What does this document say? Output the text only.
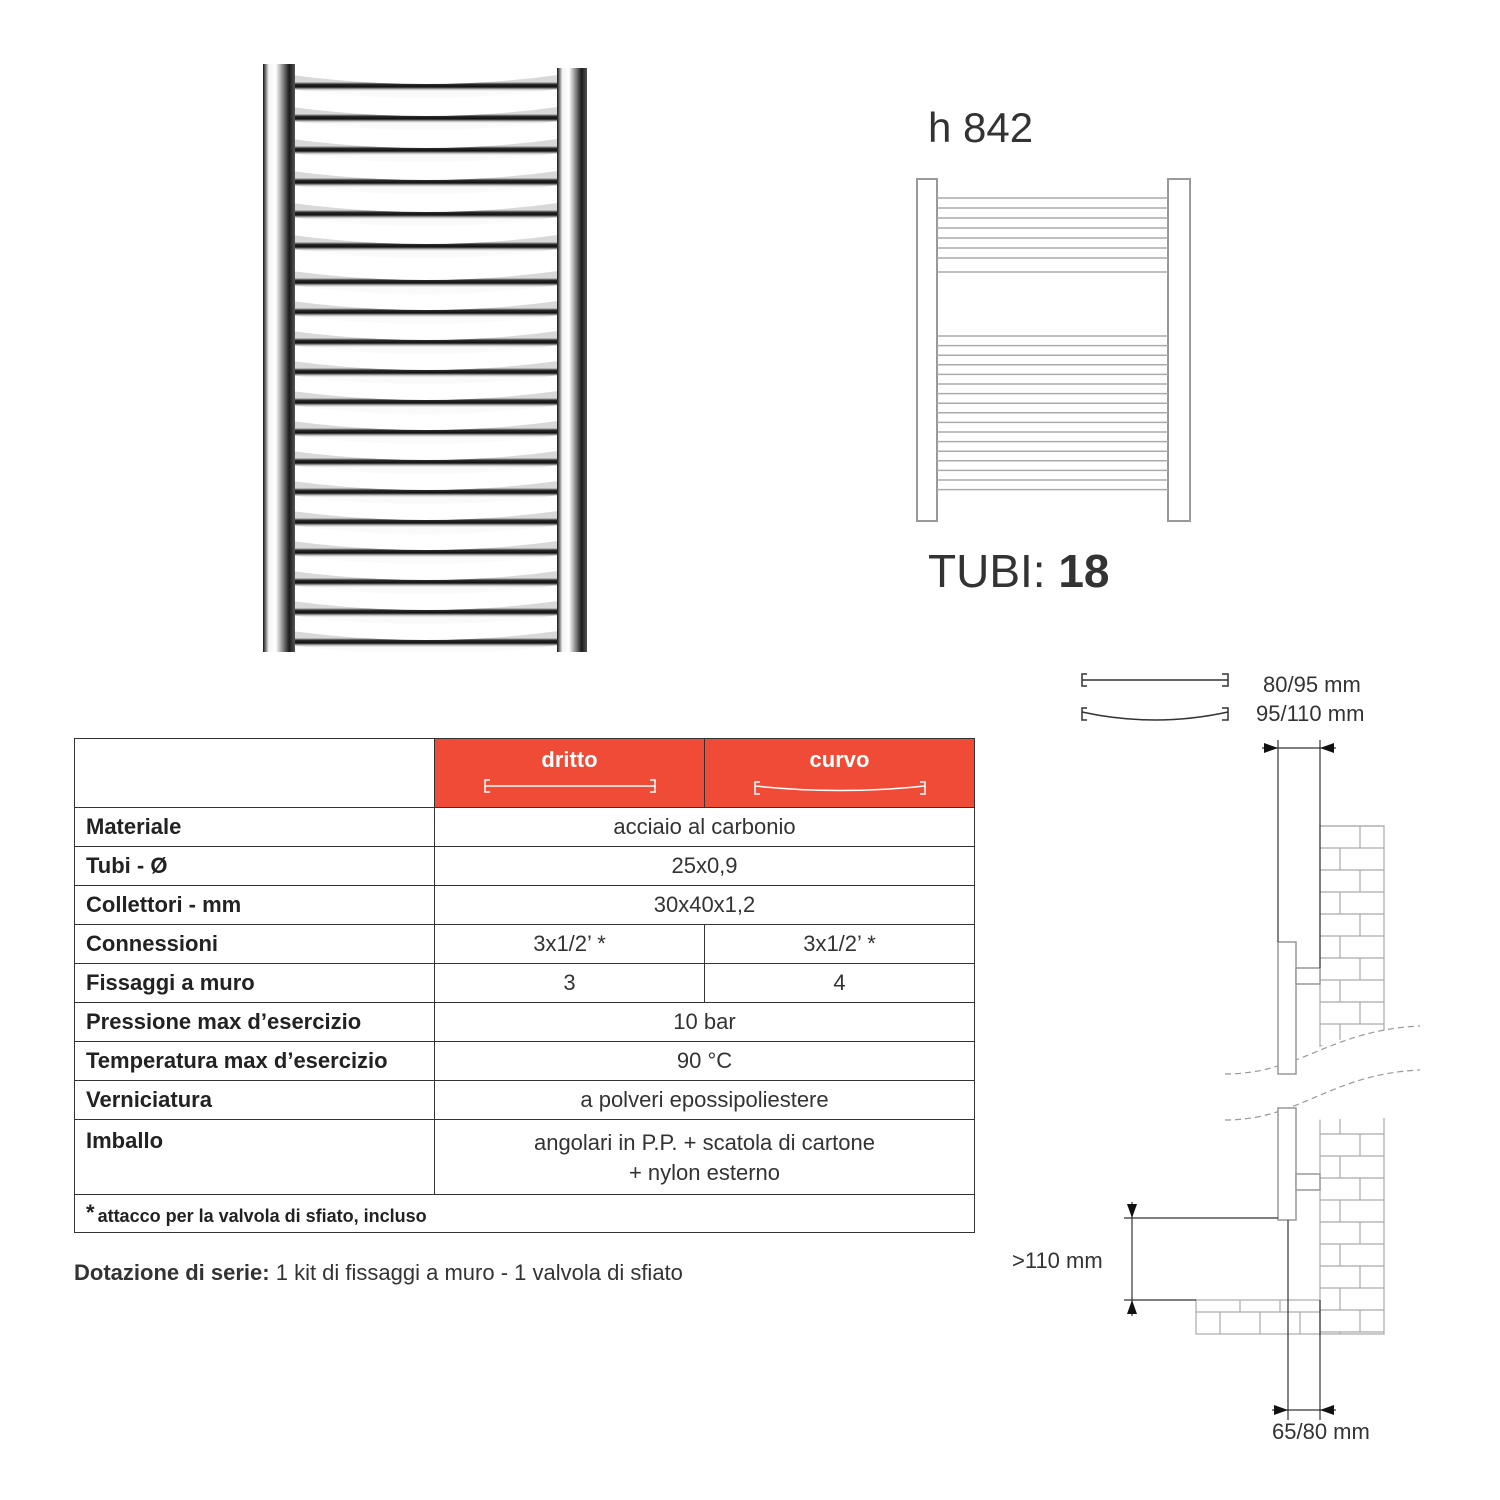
h 842
TUBI: 18

	dritto	curvo

Materiale	acciaio al carbonio	
Tubi - Ø	25x0,9	
Collettori - mm	30x40x1,2	
Connessioni	3x1/2’ *	3x1/2’ *
Fissaggi a muro	3	4
Pressione max d’esercizio	10 bar	
Temperatura max d’esercizio	90 °C	
Verniciatura	a polveri epossipoliestere	
Imballo	angolari in P.P. + scatola di cartone
+ nylon esterno	
* attacco per la valvola di sfiato, incluso		
Dotazione di serie: 1 kit di fissaggi a muro - 1 valvola di sfiato
80/95 mm
95/110 mm
>110 mm
65/80 mm
